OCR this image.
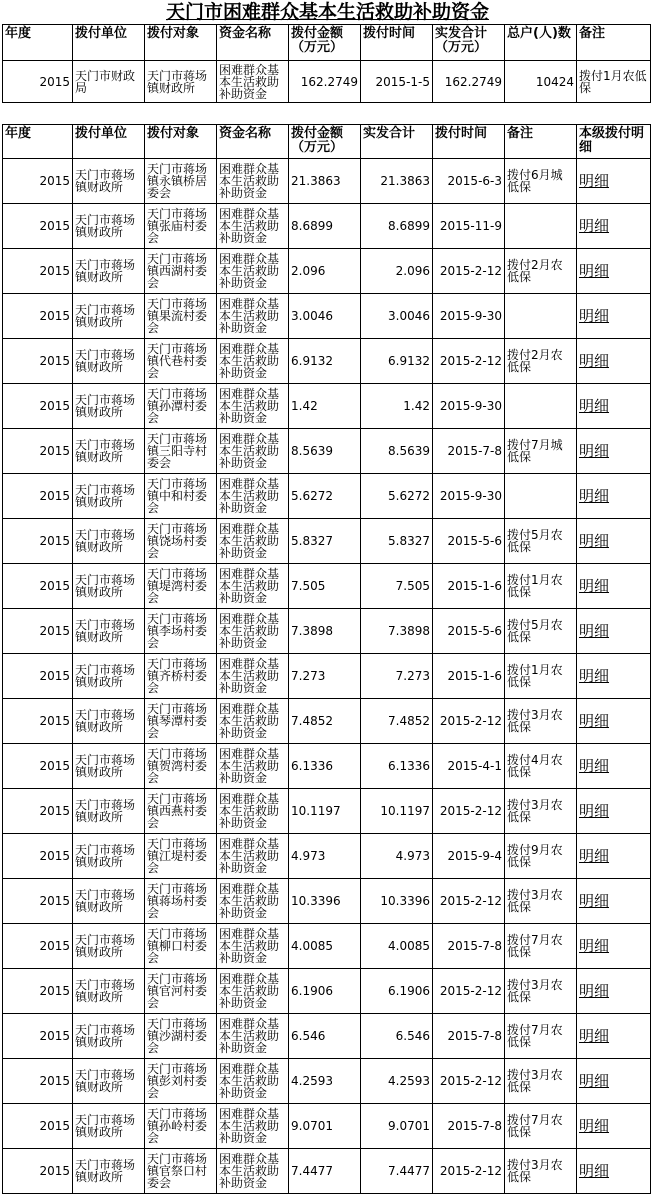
天门市困难群众基本生活救助补助资金
年度	拨付单位	拨付对象	资金名称	拨付金额（万元）	拨付时间	实发合计（万元）	总户(人)数	备注
2015	天门市财政局	天门市蒋场镇财政所	困难群众基本生活救助补助资金	162.2749	2015-1-5	162.2749	10424	拨付1月农低保
年度	拨付单位	拨付对象	资金名称	拨付金额（万元）	实发合计	拨付时间	备注	本级拨付明细
2015	天门市蒋场镇财政所	天门市蒋场镇永镇桥居委会	困难群众基本生活救助补助资金	21.3863	21.3863	2015-6-3	拨付6月城低保	明细
2015	天门市蒋场镇财政所	天门市蒋场镇张庙村委会	困难群众基本生活救助补助资金	8.6899	8.6899	2015-11-9		明细
2015	天门市蒋场镇财政所	天门市蒋场镇西湖村委会	困难群众基本生活救助补助资金	2.096	2.096	2015-2-12	拨付2月农低保	明细
2015	天门市蒋场镇财政所	天门市蒋场镇果流村委会	困难群众基本生活救助补助资金	3.0046	3.0046	2015-9-30		明细
2015	天门市蒋场镇财政所	天门市蒋场镇代巷村委会	困难群众基本生活救助补助资金	6.9132	6.9132	2015-2-12	拨付2月农低保	明细
2015	天门市蒋场镇财政所	天门市蒋场镇孙潭村委会	困难群众基本生活救助补助资金	1.42	1.42	2015-9-30		明细
2015	天门市蒋场镇财政所	天门市蒋场镇三阳寺村委会	困难群众基本生活救助补助资金	8.5639	8.5639	2015-7-8	拨付7月城低保	明细
2015	天门市蒋场镇财政所	天门市蒋场镇中和村委会	困难群众基本生活救助补助资金	5.6272	5.6272	2015-9-30		明细
2015	天门市蒋场镇财政所	天门市蒋场镇饶场村委会	困难群众基本生活救助补助资金	5.8327	5.8327	2015-5-6	拨付5月农低保	明细
2015	天门市蒋场镇财政所	天门市蒋场镇堤湾村委会	困难群众基本生活救助补助资金	7.505	7.505	2015-1-6	拨付1月农低保	明细
2015	天门市蒋场镇财政所	天门市蒋场镇李场村委会	困难群众基本生活救助补助资金	7.3898	7.3898	2015-5-6	拨付5月农低保	明细
2015	天门市蒋场镇财政所	天门市蒋场镇齐桥村委会	困难群众基本生活救助补助资金	7.273	7.273	2015-1-6	拨付1月农低保	明细
2015	天门市蒋场镇财政所	天门市蒋场镇琴潭村委会	困难群众基本生活救助补助资金	7.4852	7.4852	2015-2-12	拨付3月农低保	明细
2015	天门市蒋场镇财政所	天门市蒋场镇贺湾村委会	困难群众基本生活救助补助资金	6.1336	6.1336	2015-4-1	拨付4月农低保	明细
2015	天门市蒋场镇财政所	天门市蒋场镇西燕村委会	困难群众基本生活救助补助资金	10.1197	10.1197	2015-2-12	拨付3月农低保	明细
2015	天门市蒋场镇财政所	天门市蒋场镇江堤村委会	困难群众基本生活救助补助资金	4.973	4.973	2015-9-4	拨付9月农低保	明细
2015	天门市蒋场镇财政所	天门市蒋场镇蒋场村委会	困难群众基本生活救助补助资金	10.3396	10.3396	2015-2-12	拨付3月农低保	明细
2015	天门市蒋场镇财政所	天门市蒋场镇柳口村委会	困难群众基本生活救助补助资金	4.0085	4.0085	2015-7-8	拨付7月农低保	明细
2015	天门市蒋场镇财政所	天门市蒋场镇官河村委会	困难群众基本生活救助补助资金	6.1906	6.1906	2015-2-12	拨付3月农低保	明细
2015	天门市蒋场镇财政所	天门市蒋场镇沙湖村委会	困难群众基本生活救助补助资金	6.546	6.546	2015-7-8	拨付7月农低保	明细
2015	天门市蒋场镇财政所	天门市蒋场镇彭刘村委会	困难群众基本生活救助补助资金	4.2593	4.2593	2015-2-12	拨付3月农低保	明细
2015	天门市蒋场镇财政所	天门市蒋场镇孙岭村委会	困难群众基本生活救助补助资金	9.0701	9.0701	2015-7-8	拨付7月农低保	明细
2015	天门市蒋场镇财政所	天门市蒋场镇官祭口村委会	困难群众基本生活救助补助资金	7.4477	7.4477	2015-2-12	拨付3月农低保	明细
